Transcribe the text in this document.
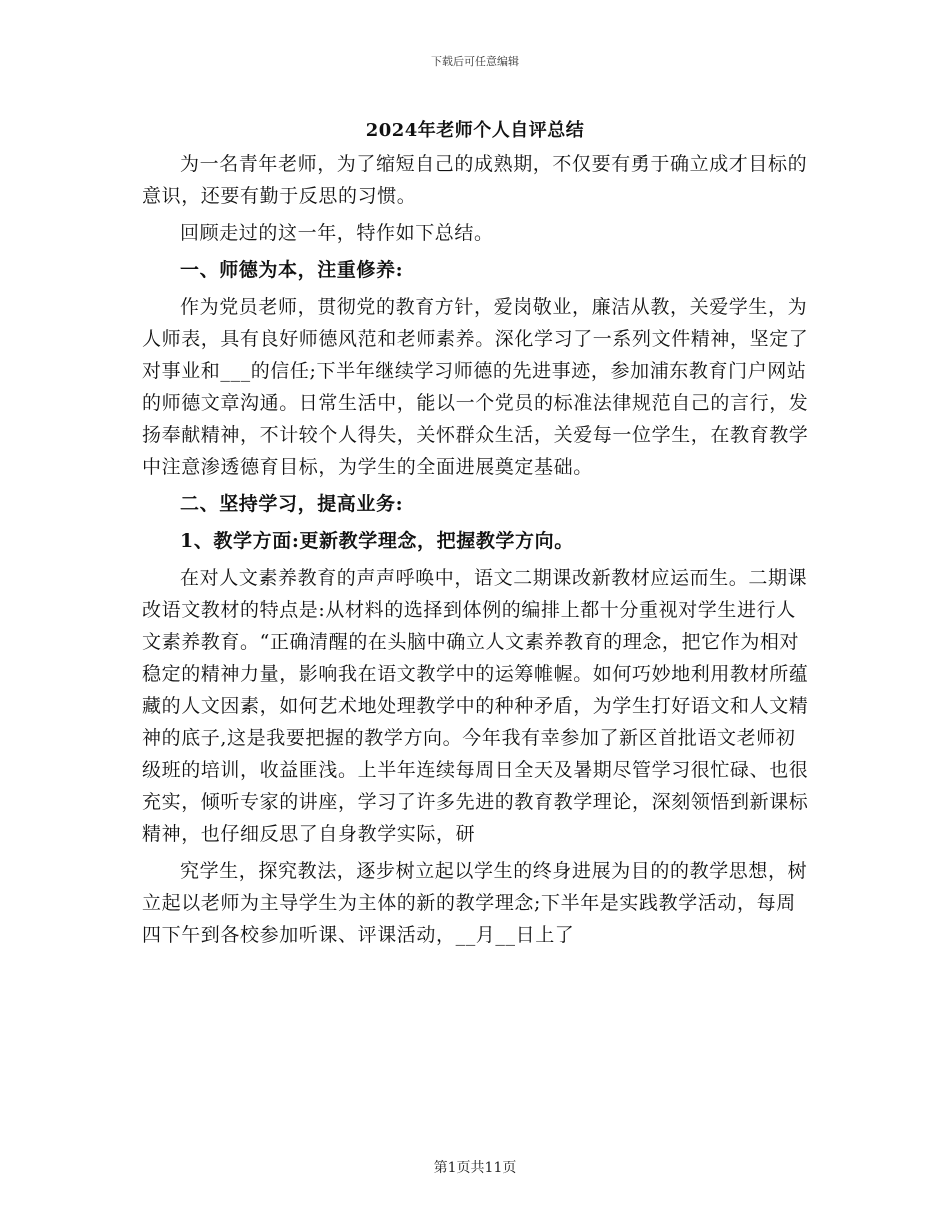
下载后可任意编辑
2024年老师个人自评总结

为一名青年老师，为了缩短自己的成熟期，不仅要有勇于确立成才目标的意识，还要有勤于反思的习惯。

回顾走过的这一年，特作如下总结。

一、师德为本，注重修养:

作为党员老师，贯彻党的教育方针，爱岗敬业，廉洁从教，关爱学生，为人师表，具有良好师德风范和老师素养。深化学习了一系列文件精神，坚定了对事业和___的信任;下半年继续学习师德的先进事迹，参加浦东教育门户网站的师德文章沟通。日常生活中，能以一个党员的标准法律规范自己的言行，发扬奉献精神，不计较个人得失，关怀群众生活，关爱每一位学生，在教育教学中注意渗透德育目标，为学生的全面进展奠定基础。

二、坚持学习，提高业务:

1、教学方面:更新教学理念，把握教学方向。

在对人文素养教育的声声呼唤中，语文二期课改新教材应运而生。二期课改语文教材的特点是:从材料的选择到体例的编排上都十分重视对学生进行人文素养教育。“正确清醒的在头脑中确立人文素养教育的理念，把它作为相对稳定的精神力量，影响我在语文教学中的运筹帷幄。如何巧妙地利用教材所蕴藏的人文因素，如何艺术地处理教学中的种种矛盾，为学生打好语文和人文精神的底子,这是我要把握的教学方向。今年我有幸参加了新区首批语文老师初级班的培训，收益匪浅。上半年连续每周日全天及暑期尽管学习很忙碌、也很充实，倾听专家的讲座，学习了许多先进的教育教学理论，深刻领悟到新课标精神，也仔细反思了自身教学实际，研

究学生，探究教法，逐步树立起以学生的终身进展为目的的教学思想，树立起以老师为主导学生为主体的新的教学理念;下半年是实践教学活动，每周四下午到各校参加听课、评课活动，__月__日上了

第1页共11页
